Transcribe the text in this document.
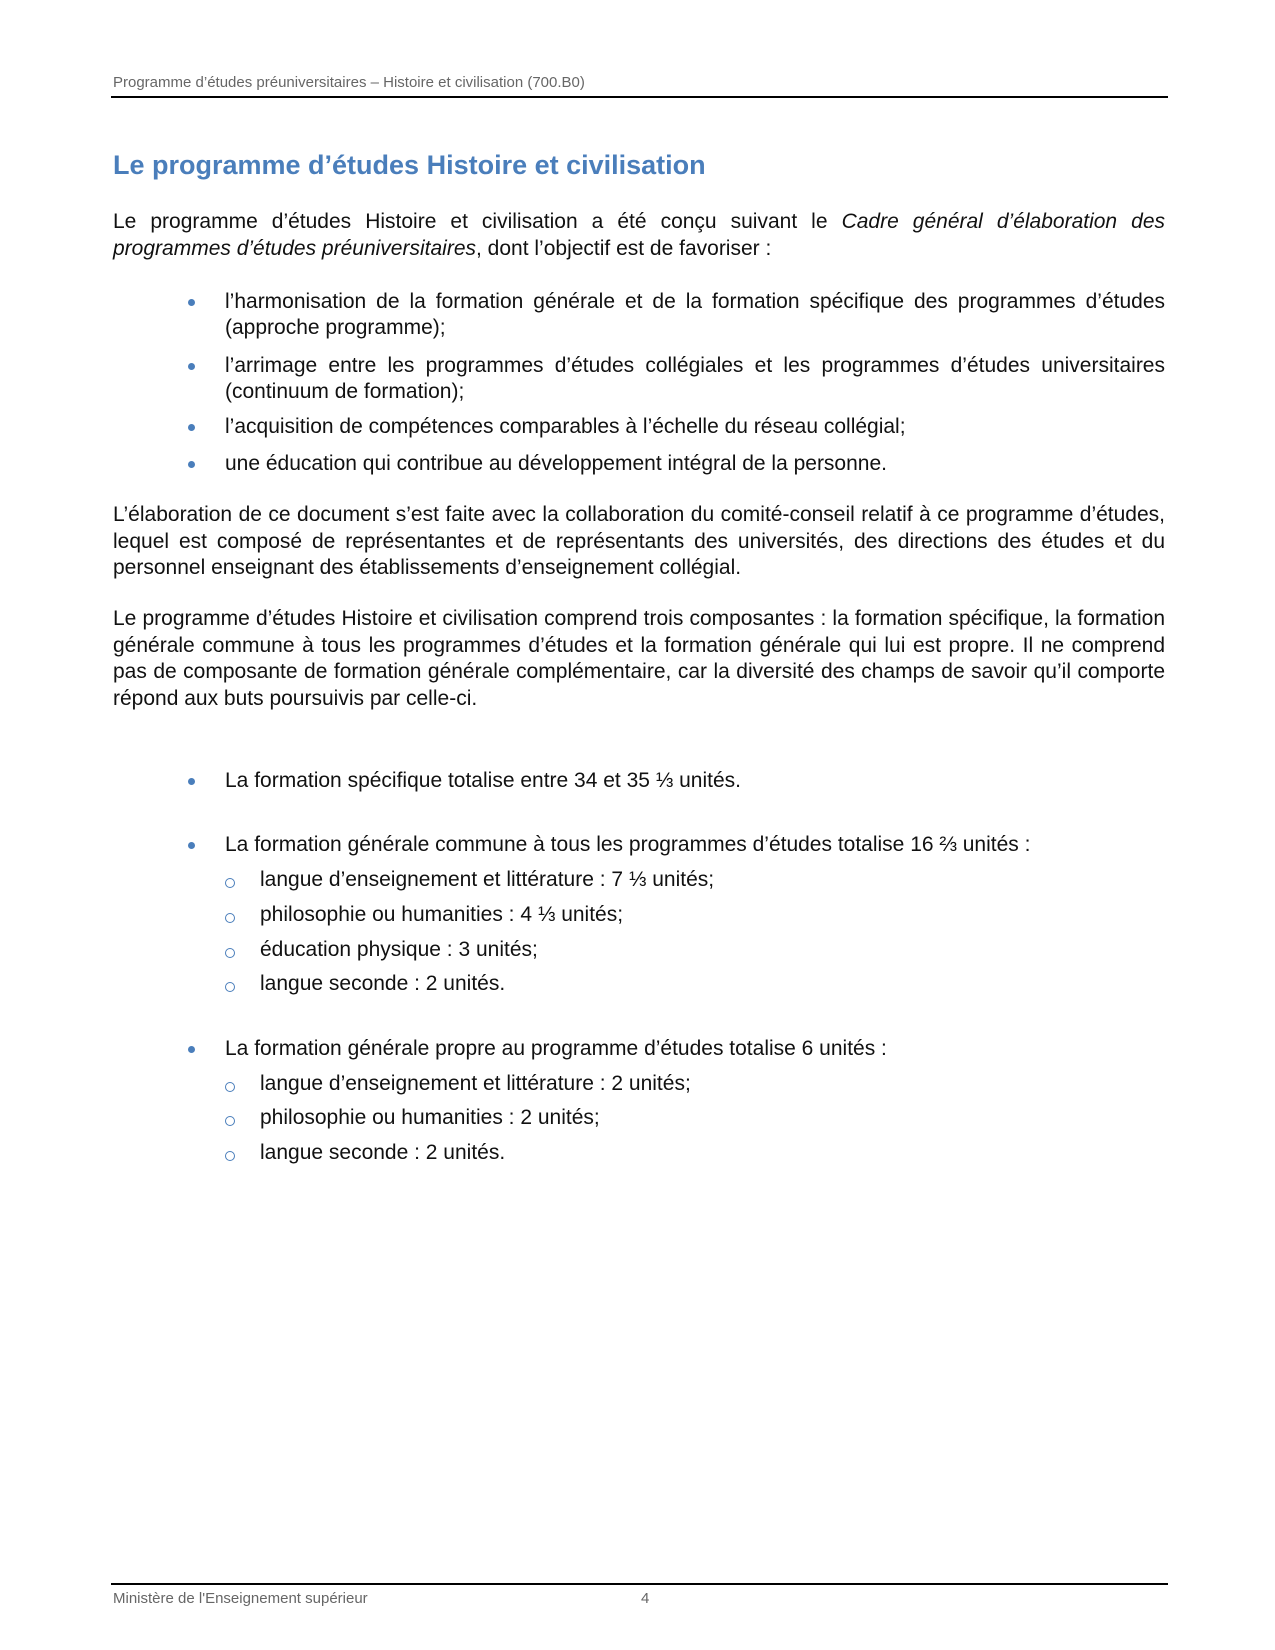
Programme d’études préuniversitaires – Histoire et civilisation (700.B0)
Le programme d’études Histoire et civilisation
Le programme d’études Histoire et civilisation a été conçu suivant le Cadre général d’élaboration des programmes d’études préuniversitaires, dont l’objectif est de favoriser :
l’harmonisation de la formation générale et de la formation spécifique des programmes d’études (approche programme);
l’arrimage entre les programmes d’études collégiales et les programmes d’études universitaires (continuum de formation);
l’acquisition de compétences comparables à l’échelle du réseau collégial;
une éducation qui contribue au développement intégral de la personne.
L’élaboration de ce document s’est faite avec la collaboration du comité-conseil relatif à ce programme d’études, lequel est composé de représentantes et de représentants des universités, des directions des études et du personnel enseignant des établissements d’enseignement collégial.
Le programme d’études Histoire et civilisation comprend trois composantes : la formation spécifique, la formation générale commune à tous les programmes d’études et la formation générale qui lui est propre. Il ne comprend pas de composante de formation générale complémentaire, car la diversité des champs de savoir qu’il comporte répond aux buts poursuivis par celle-ci.
La formation spécifique totalise entre 34 et 35 ⅓ unités.
La formation générale commune à tous les programmes d’études totalise 16 ⅔ unités :
langue d’enseignement et littérature : 7 ⅓ unités;
philosophie ou humanities : 4 ⅓ unités;
éducation physique : 3 unités;
langue seconde : 2 unités.
La formation générale propre au programme d’études totalise 6 unités :
langue d’enseignement et littérature : 2 unités;
philosophie ou humanities : 2 unités;
langue seconde : 2 unités.
Ministère de l'Enseignement supérieur	4
